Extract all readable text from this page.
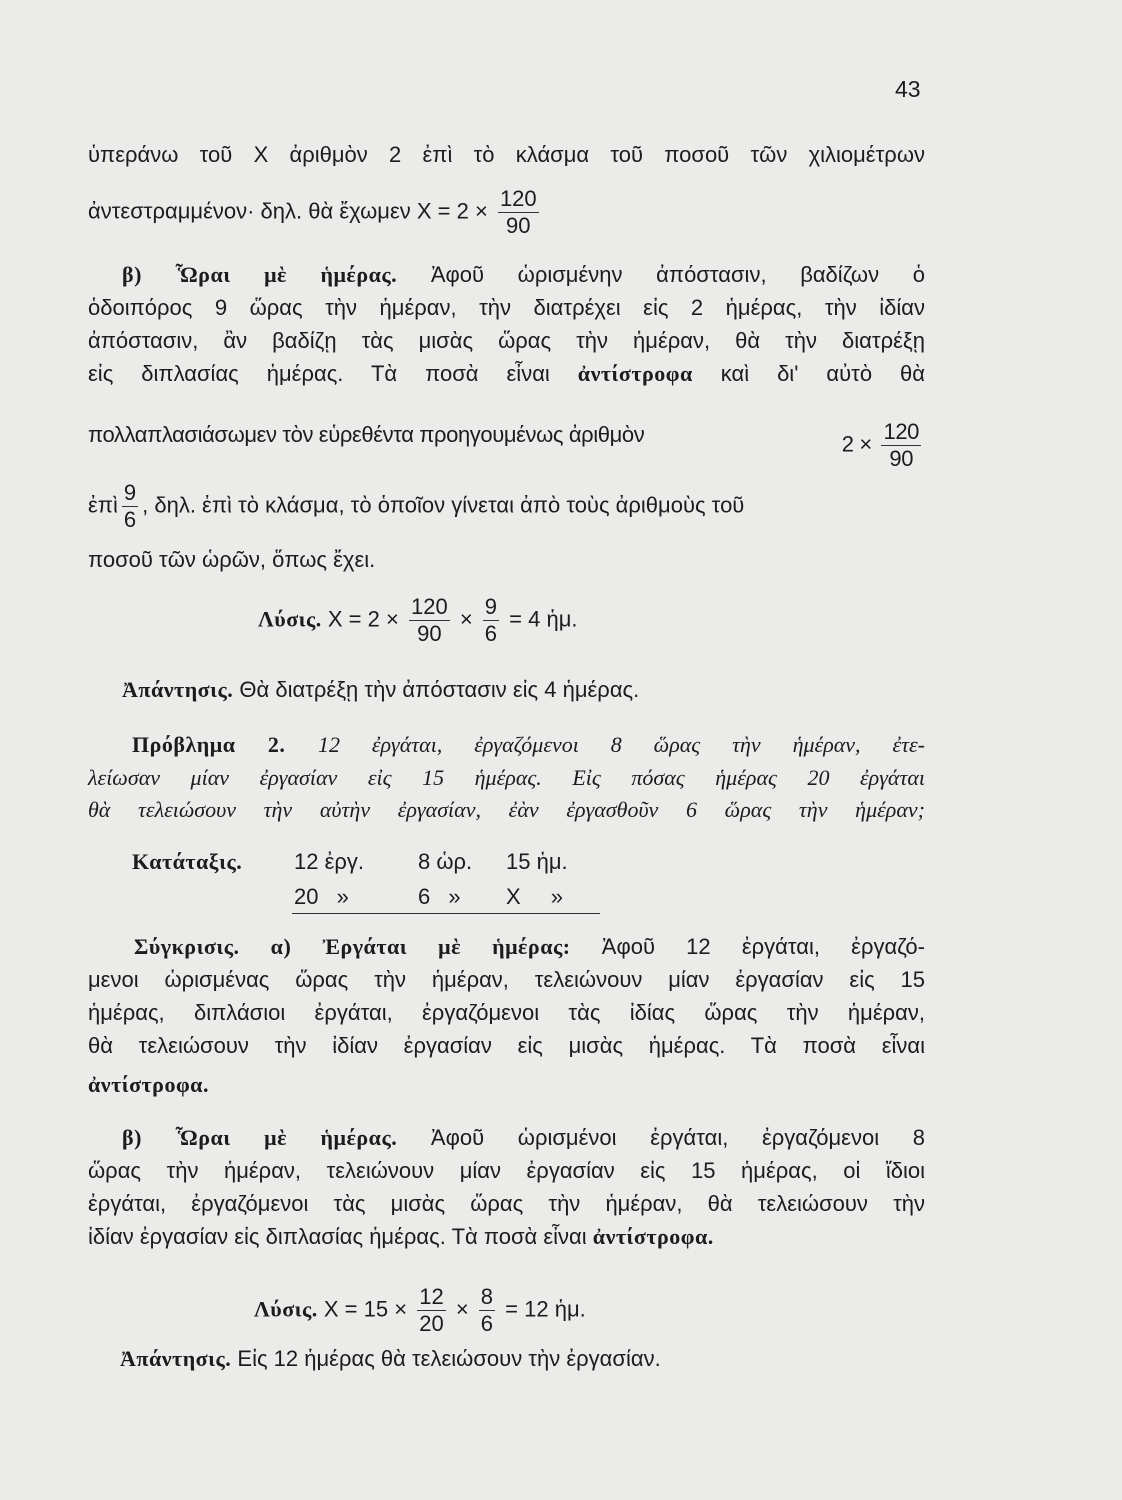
43
ὑπεράνω τοῦ X ἀριθμὸν 2 ἐπὶ τὸ κλάσμα τοῦ ποσοῦ τῶν χιλιομέτρων
ἀντεστραμμένον· δηλ. θὰ ἔχωμεν $X = 2 \times \frac{120}{90}$
β) Ὧραι μὲ ἡμέρας. Ἀφοῦ ὡρισμένην ἀπόστασιν, βαδίζων ὁ
ὁδοιπόρος 9 ὥρας τὴν ἡμέραν, τὴν διατρέχει εἰς 2 ἡμέρας, τὴν ἰδίαν
ἀπόστασιν, ἂν βαδίζῃ τὰς μισὰς ὥρας τὴν ἡμέραν, θὰ τὴν διατρέξῃ
εἰς διπλασίας ἡμέρας. Τὰ ποσὰ εἶναι ἀντίστροφα καὶ δι' αὐτὸ θὰ
πολλαπλασιάσωμεν τὸν εὑρεθέντα προηγουμένως ἀριθμὸν	$2 \times \frac{120}{90}$
ἐπὶ $\frac{9}{6}$ , δηλ. ἐπὶ τὸ κλάσμα, τὸ ὁποῖον γίνεται ἀπὸ τοὺς ἀριθμοὺς τοῦ
ποσοῦ τῶν ὡρῶν, ὅπως ἔχει.
Λύσις. $X = 2 \times \frac{120}{90} \times \frac{9}{6} = 4$ ἡμ.
Ἀπάντησις. Θὰ διατρέξῃ τὴν ἀπόστασιν εἰς 4 ἡμέρας.
Πρόβλημα 2. 12 ἐργάται, ἐργαζόμενοι 8 ὥρας τὴν ἡμέραν, ἐτε-
λείωσαν μίαν ἐργασίαν εἰς 15 ἡμέρας. Εἰς πόσας ἡμέρας 20 ἐργάται
θὰ τελειώσουν τὴν αὐτὴν ἐργασίαν, ἐὰν ἐργασθοῦν 6 ὥρας τὴν ἡμέραν;
Κατάταξις. 12 ἐργ. 8 ὡρ. 15 ἡμ.
20 »	6 » X »
Σύγκρισις. α) Ἐργάται μὲ ἡμέρας: Ἀφοῦ 12 ἐργάται, ἐργαζό-
μενοι ὡρισμένας ὥρας τὴν ἡμέραν, τελειώνουν μίαν ἐργασίαν εἰς 15
ἡμέρας, διπλάσιοι ἐργάται, ἐργαζόμενοι τὰς ἰδίας ὥρας τὴν ἡμέραν,
θὰ τελειώσουν τὴν ἰδίαν ἐργασίαν εἰς μισὰς ἡμέρας. Τὰ ποσὰ εἶναι
ἀντίστροφα.
β) Ὧραι μὲ ἡμέρας. Ἀφοῦ ὡρισμένοι ἐργάται, ἐργαζόμενοι 8
ὥρας τὴν ἡμέραν, τελειώνουν μίαν ἐργασίαν εἰς 15 ἡμέρας, οἱ ἴδιοι
ἐργάται, ἐργαζόμενοι τὰς μισὰς ὥρας τὴν ἡμέραν, θὰ τελειώσουν τὴν
ἰδίαν ἐργασίαν εἰς διπλασίας ἡμέρας. Τὰ ποσὰ εἶναι ἀντίστροφα.
Λύσις. $X = 15 \times \frac{12}{20} \times \frac{8}{6} = 12$ ἡμ.
Ἀπάντησις. Εἰς 12 ἡμέρας θὰ τελειώσουν τὴν ἐργασίαν.
